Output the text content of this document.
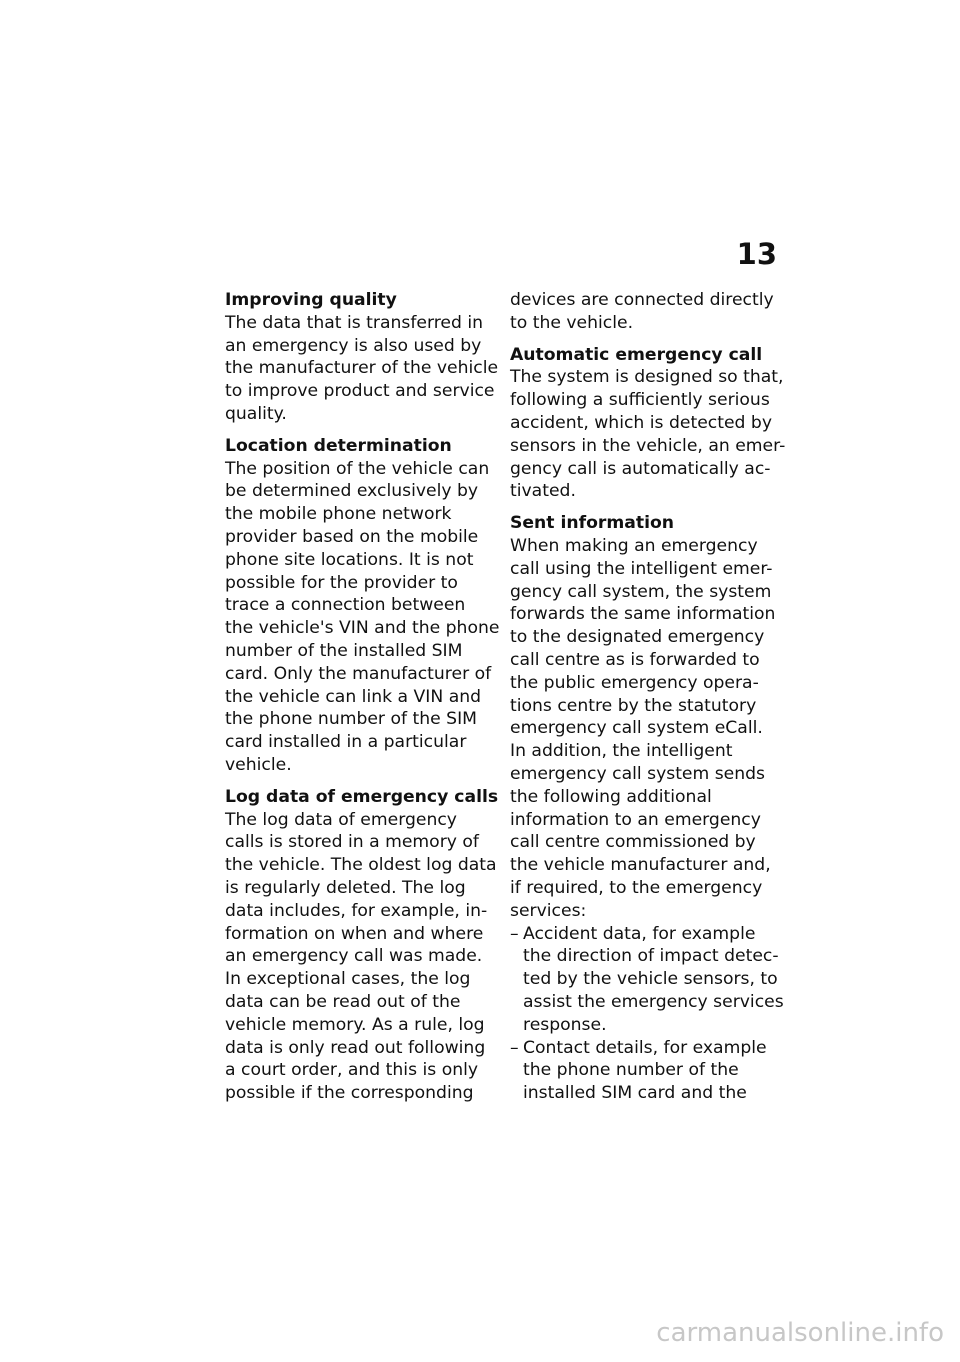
13

Improving quality

The data that is transferred in

an emergency is also used by

the manufacturer of the vehicle

to improve product and service

quality.

Location determination

The position of the vehicle can

be determined exclusively by

the mobile phone network

provider based on the mobile

phone site locations. It is not

possible for the provider to

trace a connection between

the vehicle's VIN and the phone

number of the installed SIM

card. Only the manufacturer of

the vehicle can link a VIN and

the phone number of the SIM

card installed in a particular

vehicle.

Log data of emergency calls

The log data of emergency

calls is stored in a memory of

the vehicle. The oldest log data

is regularly deleted. The log

data includes, for example, in-

formation on when and where

an emergency call was made.

In exceptional cases, the log

data can be read out of the

vehicle memory. As a rule, log

data is only read out following

a court order, and this is only

possible if the corresponding

devices are connected directly

to the vehicle.

Automatic emergency call

The system is designed so that,

following a sufficiently serious

accident, which is detected by

sensors in the vehicle, an emer-

gency call is automatically ac-

tivated.

Sent information

When making an emergency

call using the intelligent emer-

gency call system, the system

forwards the same information

to the designated emergency

call centre as is forwarded to

the public emergency opera-

tions centre by the statutory

emergency call system eCall.

In addition, the intelligent

emergency call system sends

the following additional

information to an emergency

call centre commissioned by

the vehicle manufacturer and,

if required, to the emergency

services:

– Accident data, for example

the direction of impact detec-

ted by the vehicle sensors, to

assist the emergency services

response.

– Contact details, for example

the phone number of the

installed SIM card and the

carmanualsonline.info
